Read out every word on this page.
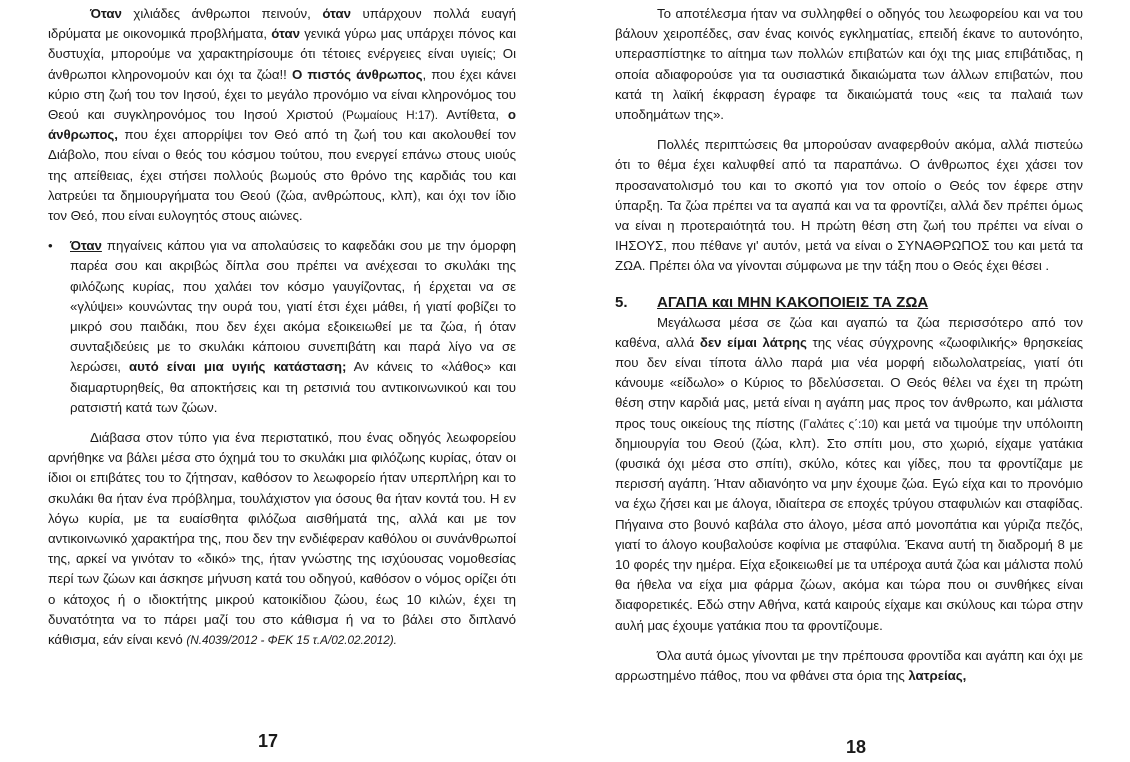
Όταν χιλιάδες άνθρωποι πεινούν, όταν υπάρχουν πολλά ευαγή ιδρύματα με οικονομικά προβλήματα, όταν γενικά γύρω μας υπάρχει πόνος και δυστυχία, μπορούμε να χαρακτηρίσουμε ότι τέτοιες ενέργειες είναι υγιείς; Οι άνθρωποι κληρονομούν και όχι τα ζώα!! Ο πιστός άνθρωπος, που έχει κάνει κύριο στη ζωή του τον Ιησού, έχει το μεγάλο προνόμιο να είναι κληρονόμος του Θεού και συγκληρονόμος του Ιησού Χριστού (Ρωμαίους Η:17). Αντίθετα, ο άνθρωπος, που έχει απορρίψει τον Θεό από τη ζωή του και ακολουθεί τον Διάβολο, που είναι ο θεός του κόσμου τούτου, που ενεργεί επάνω στους υιούς της απείθειας, έχει στήσει πολλούς βωμούς στο θρόνο της καρδιάς του και λατρεύει τα δημιουργήματα του Θεού (ζώα, ανθρώπους, κλπ), και όχι τον ίδιο τον Θεό, που είναι ευλογητός στους αιώνες.

• Όταν πηγαίνεις κάπου για να απολαύσεις το καφεδάκι σου με την όμορφη παρέα σου και ακριβώς δίπλα σου πρέπει να ανέχεσαι το σκυλάκι της φιλόζωης κυρίας, που χαλάει τον κόσμο γαυγίζοντας, ή έρχεται να σε «γλύψει» κουνώντας την ουρά του, γιατί έτσι έχει μάθει, ή γιατί φοβίζει το μικρό σου παιδάκι, που δεν έχει ακόμα εξοικειωθεί με τα ζώα, ή όταν συνταξιδεύεις με το σκυλάκι κάποιου συνεπιβάτη και παρά λίγο να σε λερώσει, αυτό είναι μια υγιής κατάσταση; Αν κάνεις το «λάθος» και διαμαρτυρηθείς, θα αποκτήσεις και τη ρετσινιά του αντικοινωνικού και του ρατσιστή κατά των ζώων.

Διάβασα στον τύπο για ένα περιστατικό, που ένας οδηγός λεωφορείου αρνήθηκε να βάλει μέσα στο όχημά του το σκυλάκι μια φιλόζωης κυρίας, όταν οι ίδιοι οι επιβάτες του το ζήτησαν, καθόσον το λεωφορείο ήταν υπερπλήρη και το σκυλάκι θα ήταν ένα πρόβλημα, τουλάχιστον για όσους θα ήταν κοντά του. Η εν λόγω κυρία, με τα ευαίσθητα φιλόζωα αισθήματά της, αλλά και με τον αντικοινωνικό χαρακτήρα της, που δεν την ενδιέφεραν καθόλου οι συνάνθρωποί της, αρκεί να γινόταν το «δικό» της, ήταν γνώστης της ισχύουσας νομοθεσίας περί των ζώων και άσκησε μήνυση κατά του οδηγού, καθόσον ο νόμος ορίζει ότι ο κάτοχος ή ο ιδιοκτήτης μικρού κατοικίδιου ζώου, έως 10 κιλών, έχει τη δυνατότητα να το πάρει μαζί του στο κάθισμα ή να το βάλει στο διπλανό κάθισμα, εάν είναι κενό (Ν.4039/2012 - ΦΕΚ 15 τ.Α/02.02.2012).

Το αποτέλεσμα ήταν να συλληφθεί ο οδηγός του λεωφορείου και να του βάλουν χειροπέδες, σαν ένας κοινός εγκληματίας, επειδή έκανε το αυτονόητο, υπερασπίστηκε το αίτημα των πολλών επιβατών και όχι της μιας επιβάτιδας, η οποία αδιαφορούσε για τα ουσιαστικά δικαιώματα των άλλων επιβατών, που κατά τη λαϊκή έκφραση έγραφε τα δικαιώματά τους «εις τα παλαιά των υποδημάτων της».

Πολλές περιπτώσεις θα μπορούσαν αναφερθούν ακόμα, αλλά πιστεύω ότι το θέμα έχει καλυφθεί από τα παραπάνω. Ο άνθρωπος έχει χάσει τον προσανατολισμό του και το σκοπό για τον οποίο ο Θεός τον έφερε στην ύπαρξη. Τα ζώα πρέπει να τα αγαπά και να τα φροντίζει, αλλά δεν πρέπει όμως να είναι η προτεραιότητά του. Η πρώτη θέση στη ζωή του πρέπει να είναι ο ΙΗΣΟΥΣ, που πέθανε γι' αυτόν, μετά να είναι ο ΣΥΝΑΘΡΩΠΟΣ του και μετά τα ΖΩΑ. Πρέπει όλα να γίνονται σύμφωνα με την τάξη που ο Θεός έχει θέσει .

5. ΑΓΑΠΑ και ΜΗΝ ΚΑΚΟΠΟΙΕΙΣ ΤΑ ΖΩΑ

Μεγάλωσα μέσα σε ζώα και αγαπώ τα ζώα περισσότερο από τον καθένα, αλλά δεν είμαι λάτρης της νέας σύγχρονης «ζωοφιλικής» θρησκείας που δεν είναι τίποτα άλλο παρά μια νέα μορφή ειδωλολατρείας, γιατί ότι κάνουμε «είδωλο» ο Κύριος το βδελύσσεται. Ο Θεός θέλει να έχει τη πρώτη θέση στην καρδιά μας, μετά είναι η αγάπη μας προς τον άνθρωπο, και μάλιστα προς τους οικείους της πίστης (Γαλάτες ς΄:10) και μετά να τιμούμε την υπόλοιπη δημιουργία του Θεού (ζώα, κλπ). Στο σπίτι μου, στο χωριό, είχαμε γατάκια (φυσικά όχι μέσα στο σπίτι), σκύλο, κότες και γίδες, που τα φροντίζαμε με περισσή αγάπη. Ήταν αδιανόητο να μην έχουμε ζώα. Εγώ είχα και το προνόμιο να έχω ζήσει και με άλογα, ιδιαίτερα σε εποχές τρύγου σταφυλιών και σταφίδας. Πήγαινα στο βουνό καβάλα στο άλογο, μέσα από μονοπάτια και γύριζα πεζός, γιατί το άλογο κουβαλούσε κοφίνια με σταφύλια. Έκανα αυτή τη διαδρομή 8 με 10 φορές την ημέρα. Είχα εξοικειωθεί με τα υπέροχα αυτά ζώα και μάλιστα πολύ θα ήθελα να είχα μια φάρμα ζώων, ακόμα και τώρα που οι συνθήκες είναι διαφορετικές. Εδώ στην Αθήνα, κατά καιρούς είχαμε και σκύλους και τώρα στην αυλή μας έχουμε γατάκια που τα φροντίζουμε.

Όλα αυτά όμως γίνονται με την πρέπουσα φροντίδα και αγάπη και όχι με αρρωστημένο πάθος, που να φθάνει στα όρια της λατρείας,

17	18
